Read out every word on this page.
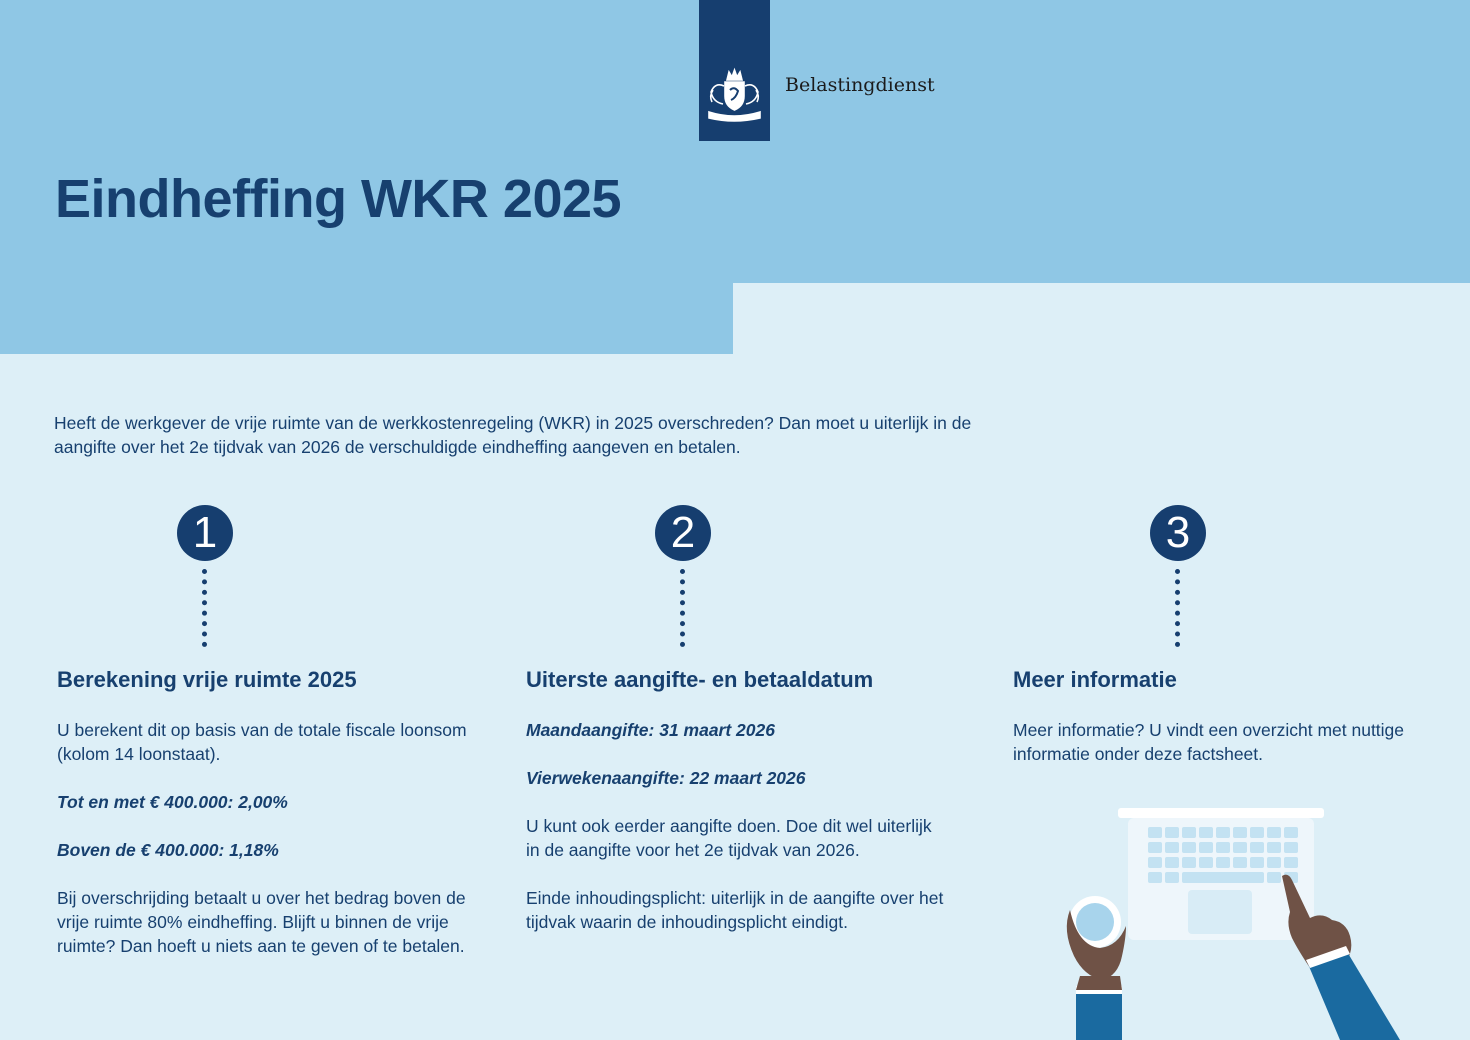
Belastingdienst
Eindheffing WKR 2025

Heeft de werkgever de vrije ruimte van de werkkostenregeling (WKR) in 2025 overschreden? Dan moet u uiterlijk in de aangifte over het 2e tijdvak van 2026 de verschuldigde eindheffing aangeven en betalen.

1	2	3
Berekening vrije ruimte 2025

U berekent dit op basis van de totale fiscale loonsom (kolom 14 loonstaat).

Tot en met € 400.000: 2,00%

Boven de € 400.000: 1,18%

Bij overschrijding betaalt u over het bedrag boven de vrije ruimte 80% eindheffing. Blijft u binnen de vrije ruimte? Dan hoeft u niets aan te geven of te betalen.

Uiterste aangifte- en betaaldatum

Maandaangifte: 31 maart 2026

Vierwekenaangifte: 22 maart 2026

U kunt ook eerder aangifte doen. Doe dit wel uiterlijk in de aangifte voor het 2e tijdvak van 2026.

Einde inhoudingsplicht: uiterlijk in de aangifte over het tijdvak waarin de inhoudingsplicht eindigt.

Meer informatie

Meer informatie? U vindt een overzicht met nuttige informatie onder deze factsheet.
